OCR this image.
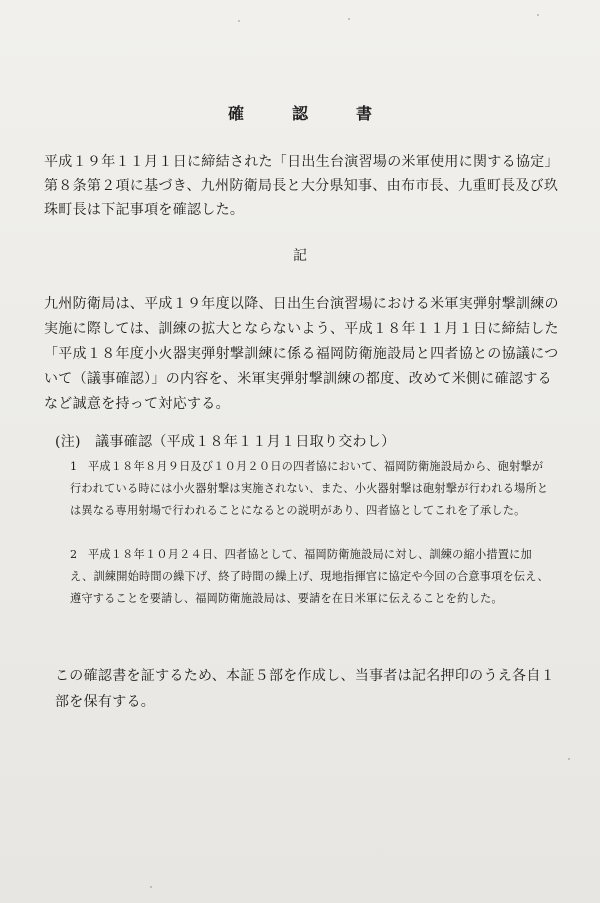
確　認　書

平成１９年１１月１日に締結された「日出生台演習場の米軍使用に関する協定」第８条第２項に基づき、九州防衛局長と大分県知事、由布市長、九重町長及び玖珠町長は下記事項を確認した。

記

九州防衛局は、平成１９年度以降、日出生台演習場における米軍実弾射撃訓練の実施に際しては、訓練の拡大とならないよう、平成１８年１１月１日に締結した「平成１８年度小火器実弾射撃訓練に係る福岡防衛施設局と四者協との協議について（議事確認）」の内容を、米軍実弾射撃訓練の都度、改めて米側に確認するなど誠意を持って対応する。

(注)　議事確認（平成１８年１１月１日取り交わし）
1 平成１８年８月９日及び１０月２０日の四者協において、福岡防衛施設局から、砲射撃が行われている時には小火器射撃は実施されない、また、小火器射撃は砲射撃が行われる場所とは異なる専用射場で行われることになるとの説明があり、四者協としてこれを了承した。
2 平成１８年１０月２４日、四者協として、福岡防衛施設局に対し、訓練の縮小措置に加え、訓練開始時間の繰下げ、終了時間の繰上げ、現地指揮官に協定や今回の合意事項を伝え、遵守することを要請し、福岡防衛施設局は、要請を在日米軍に伝えることを約した。

この確認書を証するため、本証５部を作成し、当事者は記名押印のうえ各自１部を保有する。
